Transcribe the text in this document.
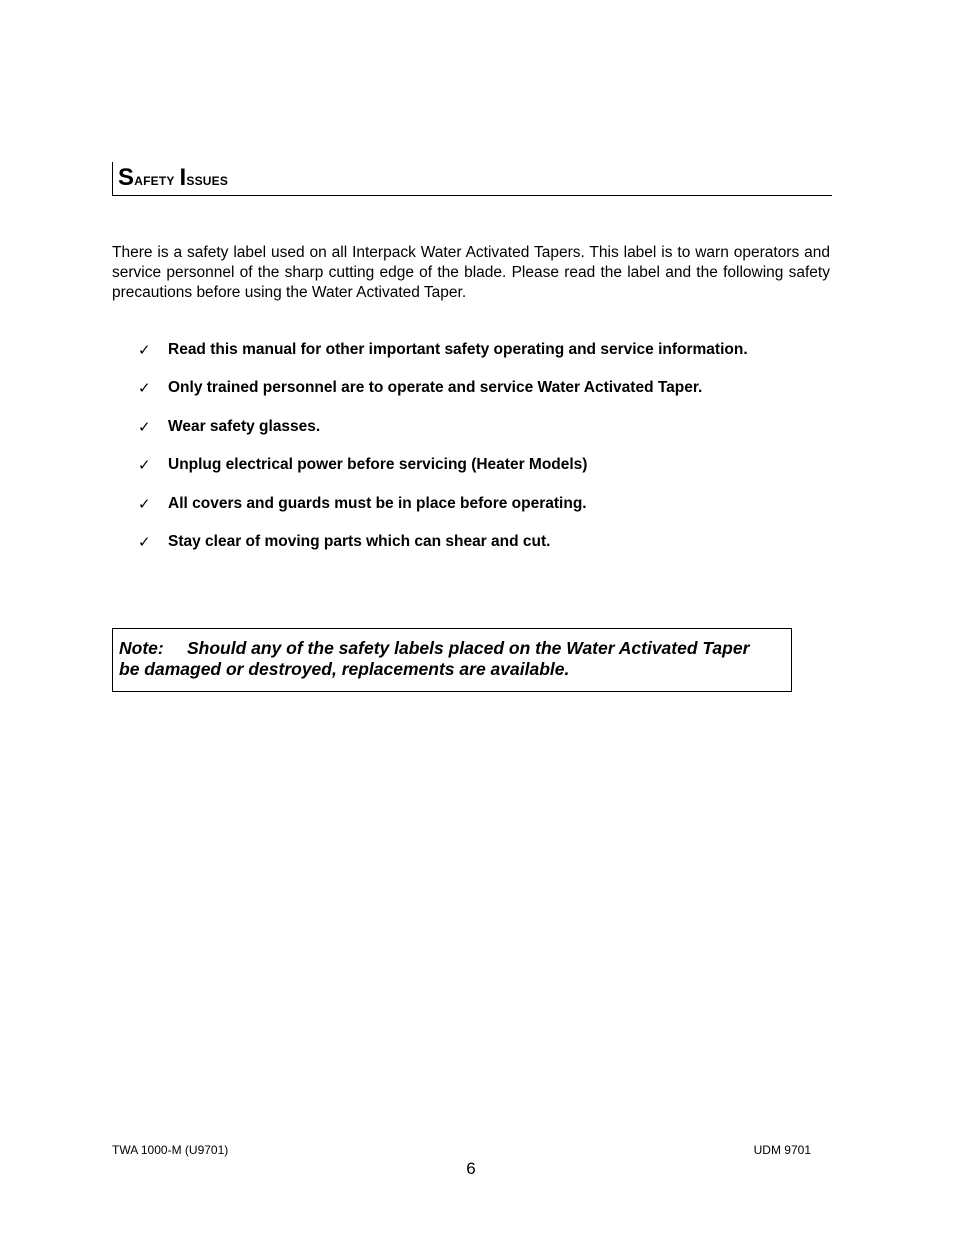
Safety Issues

There is a safety label used on all Interpack Water Activated Tapers. This label is to warn operators and service personnel of the sharp cutting edge of the blade. Please read the label and the following safety precautions before using the Water Activated Taper.

✓ Read this manual for other important safety operating and service information.
✓ Only trained personnel are to operate and service Water Activated Taper.
✓ Wear safety glasses.
✓ Unplug electrical power before servicing (Heater Models)
✓ All covers and guards must be in place before operating.
✓ Stay clear of moving parts which can shear and cut.

Note: Should any of the safety labels placed on the Water Activated Taper be damaged or destroyed, replacements are available.

TWA 1000-M (U9701)	UDM 9701
6
